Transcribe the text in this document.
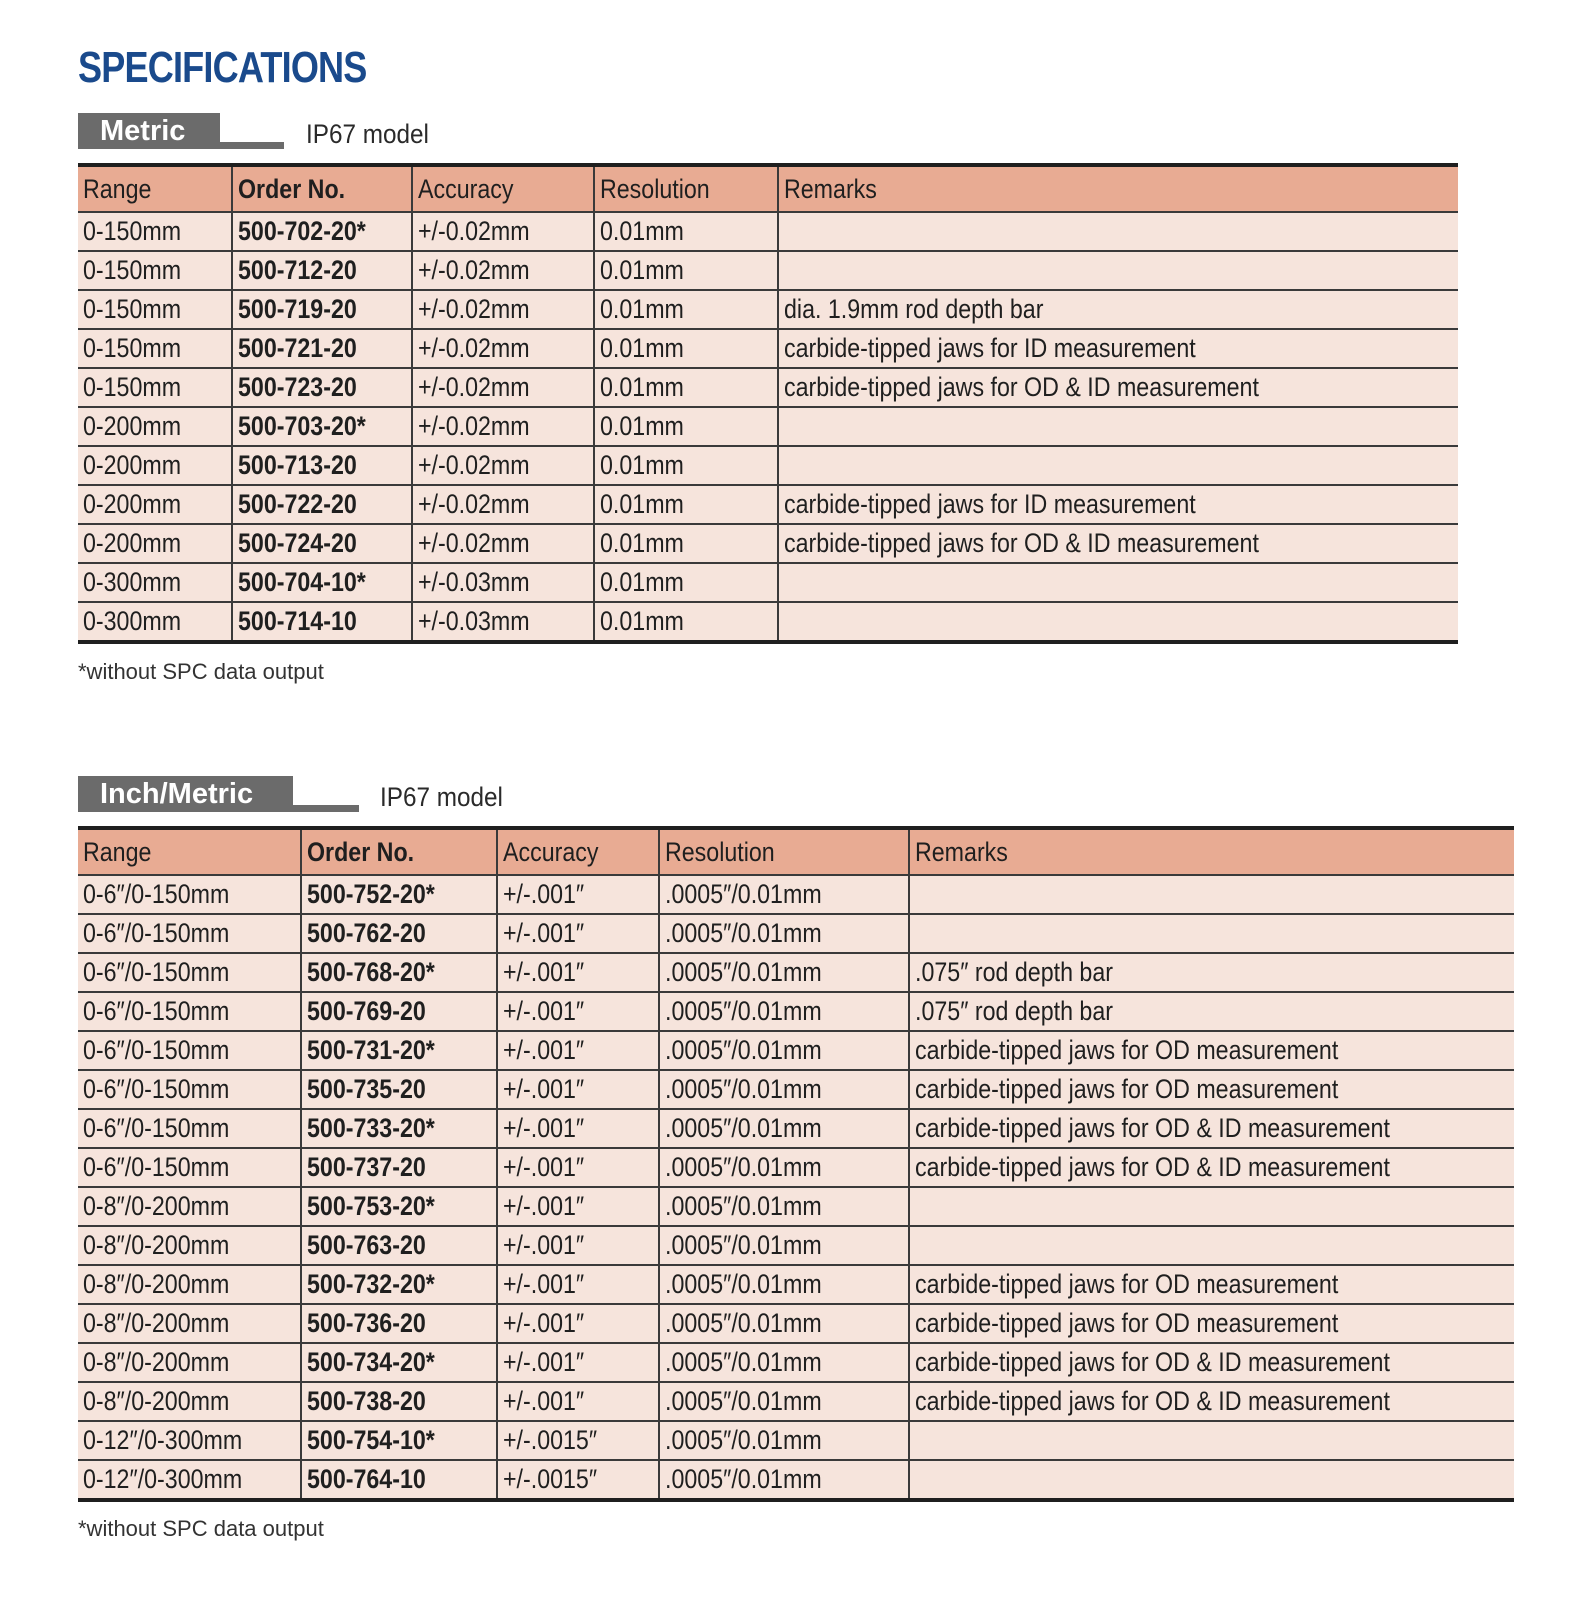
SPECIFICATIONS
Metric	IP67 model
Range	Order No.	Accuracy	Resolution	Remarks
0-150mm	500-702-20*	+/-0.02mm	0.01mm	
0-150mm	500-712-20	+/-0.02mm	0.01mm	
0-150mm	500-719-20	+/-0.02mm	0.01mm	dia. 1.9mm rod depth bar
0-150mm	500-721-20	+/-0.02mm	0.01mm	carbide-tipped jaws for ID measurement
0-150mm	500-723-20	+/-0.02mm	0.01mm	carbide-tipped jaws for OD & ID measurement
0-200mm	500-703-20*	+/-0.02mm	0.01mm	
0-200mm	500-713-20	+/-0.02mm	0.01mm	
0-200mm	500-722-20	+/-0.02mm	0.01mm	carbide-tipped jaws for ID measurement
0-200mm	500-724-20	+/-0.02mm	0.01mm	carbide-tipped jaws for OD & ID measurement
0-300mm	500-704-10*	+/-0.03mm	0.01mm	
0-300mm	500-714-10	+/-0.03mm	0.01mm	
*without SPC data output
Inch/Metric	IP67 model
Range	Order No.	Accuracy	Resolution	Remarks
0-6″/0-150mm	500-752-20*	+/-.001″	.0005″/0.01mm	
0-6″/0-150mm	500-762-20	+/-.001″	.0005″/0.01mm	
0-6″/0-150mm	500-768-20*	+/-.001″	.0005″/0.01mm	.075″ rod depth bar
0-6″/0-150mm	500-769-20	+/-.001″	.0005″/0.01mm	.075″ rod depth bar
0-6″/0-150mm	500-731-20*	+/-.001″	.0005″/0.01mm	carbide-tipped jaws for OD measurement
0-6″/0-150mm	500-735-20	+/-.001″	.0005″/0.01mm	carbide-tipped jaws for OD measurement
0-6″/0-150mm	500-733-20*	+/-.001″	.0005″/0.01mm	carbide-tipped jaws for OD & ID measurement
0-6″/0-150mm	500-737-20	+/-.001″	.0005″/0.01mm	carbide-tipped jaws for OD & ID measurement
0-8″/0-200mm	500-753-20*	+/-.001″	.0005″/0.01mm	
0-8″/0-200mm	500-763-20	+/-.001″	.0005″/0.01mm	
0-8″/0-200mm	500-732-20*	+/-.001″	.0005″/0.01mm	carbide-tipped jaws for OD measurement
0-8″/0-200mm	500-736-20	+/-.001″	.0005″/0.01mm	carbide-tipped jaws for OD measurement
0-8″/0-200mm	500-734-20*	+/-.001″	.0005″/0.01mm	carbide-tipped jaws for OD & ID measurement
0-8″/0-200mm	500-738-20	+/-.001″	.0005″/0.01mm	carbide-tipped jaws for OD & ID measurement
0-12″/0-300mm	500-754-10*	+/-.0015″	.0005″/0.01mm	
0-12″/0-300mm	500-764-10	+/-.0015″	.0005″/0.01mm	
*without SPC data output
